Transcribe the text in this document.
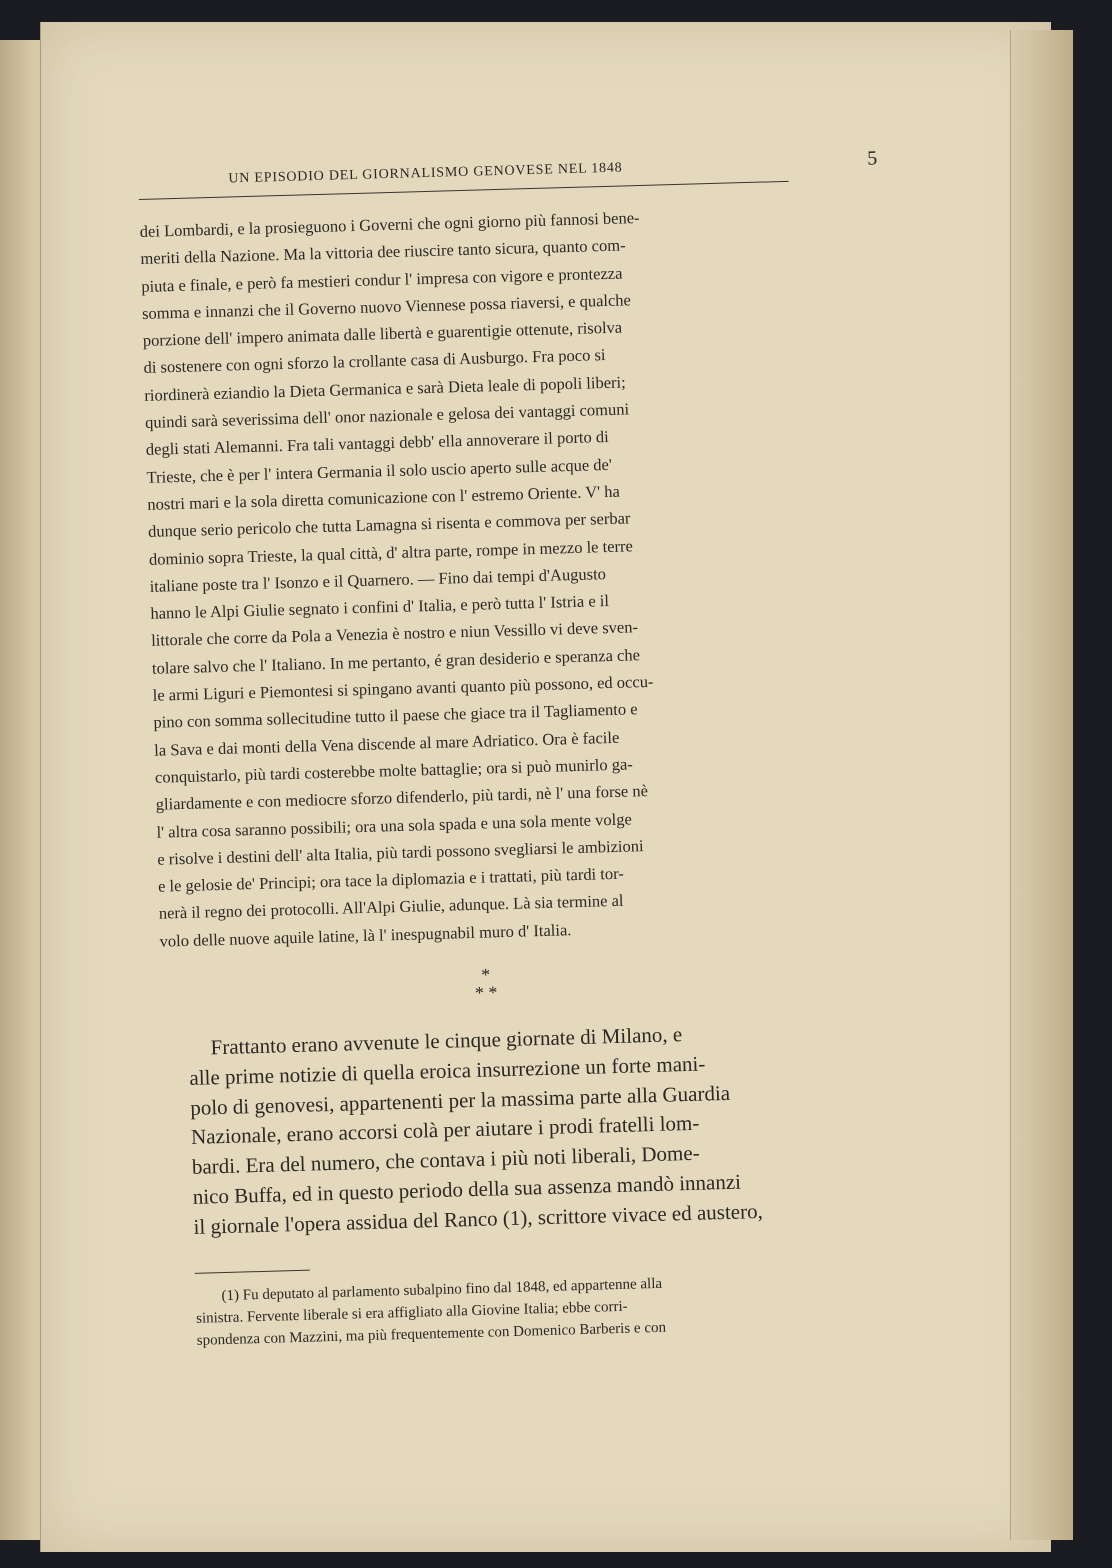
UN EPISODIO DEL GIORNALISMO GENOVESE NEL 1848
5

dei Lombardi, e la prosieguono i Governi che ogni giorno più fannosi bene-

meriti della Nazione. Ma la vittoria dee riuscire tanto sicura, quanto com-

piuta e finale, e però fa mestieri condur l' impresa con vigore e prontezza

somma e innanzi che il Governo nuovo Viennese possa riaversi, e qualche

porzione dell' impero animata dalle libertà e guarentigie ottenute, risolva

di sostenere con ogni sforzo la crollante casa di Ausburgo. Fra poco si

riordinerà eziandio la Dieta Germanica e sarà Dieta leale di popoli liberi;

quindi sarà severissima dell' onor nazionale e gelosa dei vantaggi comuni

degli stati Alemanni. Fra tali vantaggi debb' ella annoverare il porto di

Trieste, che è per l' intera Germania il solo uscio aperto sulle acque de'

nostri mari e la sola diretta comunicazione con l' estremo Oriente. V' ha

dunque serio pericolo che tutta Lamagna si risenta e commova per serbar

dominio sopra Trieste, la qual città, d' altra parte, rompe in mezzo le terre

italiane poste tra l' Isonzo e il Quarnero. — Fino dai tempi d'Augusto

hanno le Alpi Giulie segnato i confini d' Italia, e però tutta l' Istria e il

littorale che corre da Pola a Venezia è nostro e niun Vessillo vi deve sven-

tolare salvo che l' Italiano. In me pertanto, é gran desiderio e speranza che

le armi Liguri e Piemontesi si spingano avanti quanto più possono, ed occu-

pino con somma sollecitudine tutto il paese che giace tra il Tagliamento e

la Sava e dai monti della Vena discende al mare Adriatico. Ora è facile

conquistarlo, più tardi costerebbe molte battaglie; ora si può munirlo ga-

gliardamente e con mediocre sforzo difenderlo, più tardi, nè l' una forse nè

l' altra cosa saranno possibili; ora una sola spada e una sola mente volge

e risolve i destini dell' alta Italia, più tardi possono svegliarsi le ambizioni

e le gelosie de' Principi; ora tace la diplomazia e i trattati, più tardi tor-

nerà il regno dei protocolli. All'Alpi Giulie, adunque. Là sia termine al

volo delle nuove aquile latine, là l' inespugnabil muro d' Italia.

*
* *

Frattanto erano avvenute le cinque giornate di Milano, e

alle prime notizie di quella eroica insurrezione un forte mani-

polo di genovesi, appartenenti per la massima parte alla Guardia

Nazionale, erano accorsi colà per aiutare i prodi fratelli lom-

bardi. Era del numero, che contava i più noti liberali, Dome-

nico Buffa, ed in questo periodo della sua assenza mandò innanzi

il giornale l'opera assidua del Ranco (1), scrittore vivace ed austero,

(1) Fu deputato al parlamento subalpino fino dal 1848, ed appartenne alla

sinistra. Fervente liberale si era affigliato alla Giovine Italia; ebbe corri-

spondenza con Mazzini, ma più frequentemente con Domenico Barberis e con
